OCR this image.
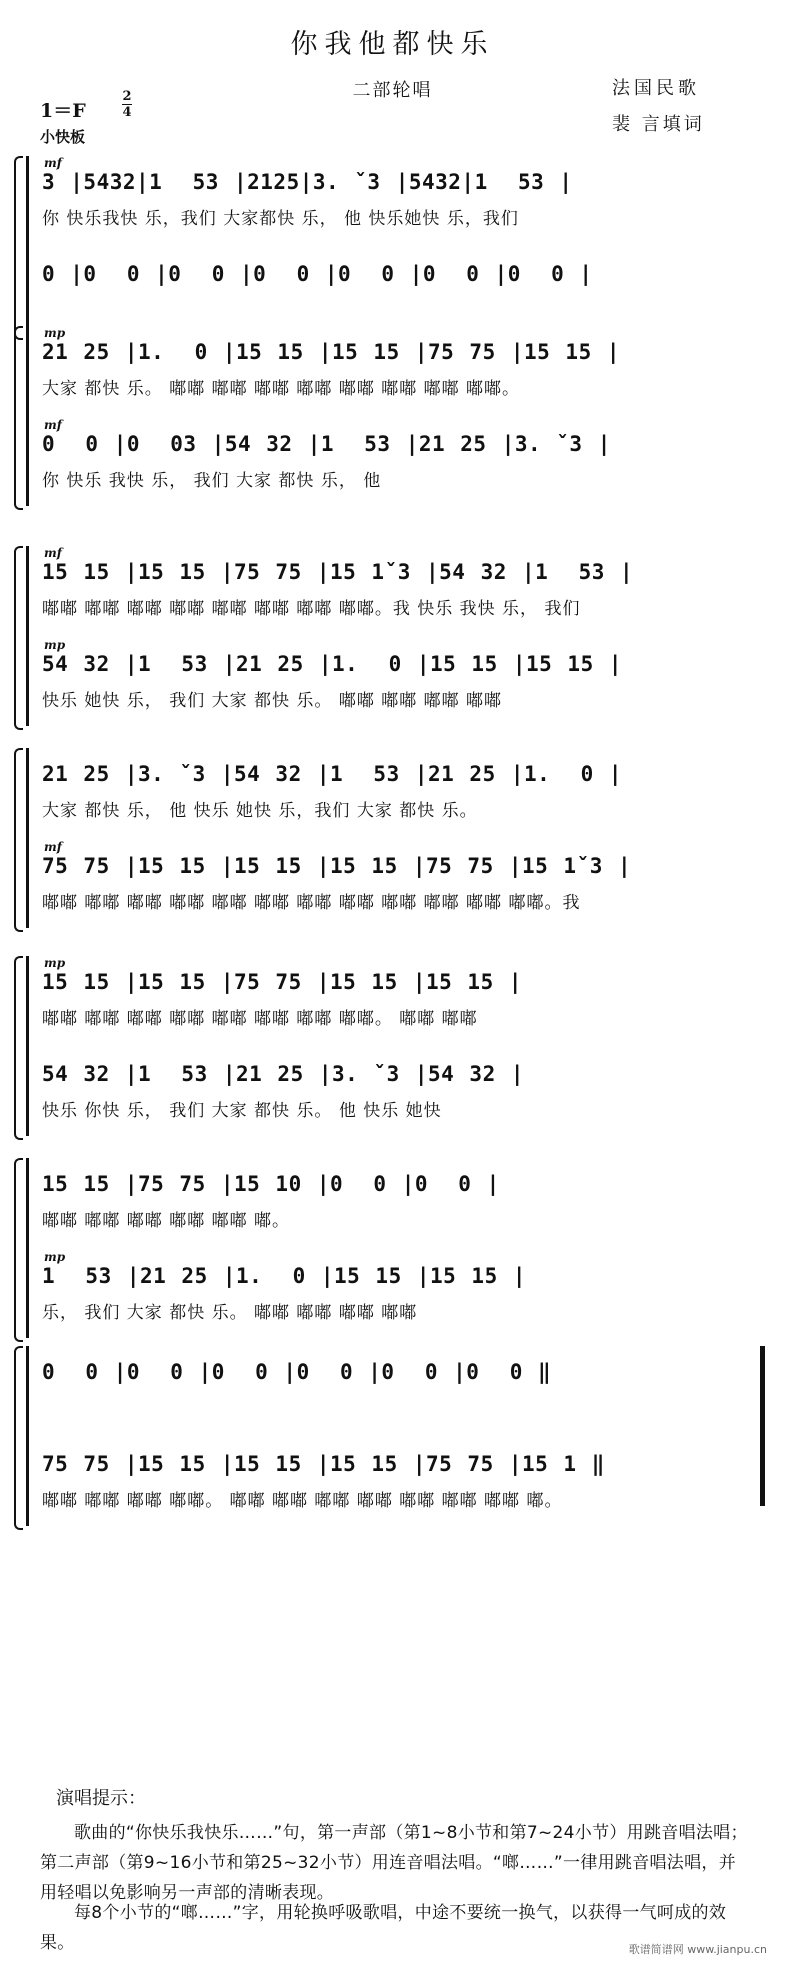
你我他都快乐
二部轮唱	法国民歌
裴 言填词
1＝F
2
4
小快板
mf
3 |5432|1  53 |2125|3. ˇ3 |5432|1  53 |
你 快乐我快 乐，我们 大家都快 乐， 他 快乐她快 乐，我们
0 |0  0 |0  0 |0  0 |0  0 |0  0 |0  0 |
mp
21 25 |1.  0 |15 15 |15 15 |75 75 |15 15 |
大家 都快 乐。 嘟嘟 嘟嘟 嘟嘟 嘟嘟 嘟嘟 嘟嘟 嘟嘟 嘟嘟。
mf
0  0 |0  03 |54 32 |1  53 |21 25 |3. ˇ3 |
你 快乐 我快 乐， 我们 大家 都快 乐， 他
mf
15 15 |15 15 |75 75 |15 1ˇ3 |54 32 |1  53 |
嘟嘟 嘟嘟 嘟嘟 嘟嘟 嘟嘟 嘟嘟 嘟嘟 嘟嘟。我 快乐 我快 乐， 我们
mp
54 32 |1  53 |21 25 |1.  0 |15 15 |15 15 |
快乐 她快 乐， 我们 大家 都快 乐。 嘟嘟 嘟嘟 嘟嘟 嘟嘟
21 25 |3. ˇ3 |54 32 |1  53 |21 25 |1.  0 |
大家 都快 乐， 他 快乐 她快 乐，我们 大家 都快 乐。
mf
75 75 |15 15 |15 15 |15 15 |75 75 |15 1ˇ3 |
嘟嘟 嘟嘟 嘟嘟 嘟嘟 嘟嘟 嘟嘟 嘟嘟 嘟嘟 嘟嘟 嘟嘟 嘟嘟 嘟嘟。我
mp
15 15 |15 15 |75 75 |15 15 |15 15 |
嘟嘟 嘟嘟 嘟嘟 嘟嘟 嘟嘟 嘟嘟 嘟嘟 嘟嘟。 嘟嘟 嘟嘟
54 32 |1  53 |21 25 |3. ˇ3 |54 32 |
快乐 你快 乐， 我们 大家 都快 乐。 他 快乐 她快
15 15 |75 75 |15 10 |0  0 |0  0 |
嘟嘟 嘟嘟 嘟嘟 嘟嘟 嘟嘟 嘟。
mp
1  53 |21 25 |1.  0 |15 15 |15 15 |
乐， 我们 大家 都快 乐。 嘟嘟 嘟嘟 嘟嘟 嘟嘟
0  0 |0  0 |0  0 |0  0 |0  0 |0  0 ‖
75 75 |15 15 |15 15 |15 15 |75 75 |15 1 ‖
嘟嘟 嘟嘟 嘟嘟 嘟嘟。 嘟嘟 嘟嘟 嘟嘟 嘟嘟 嘟嘟 嘟嘟 嘟嘟 嘟。
演唱提示：
歌曲的“你快乐我快乐……”句，第一声部（第1~8小节和第7~24小节）用跳音唱法唱；第二声部（第9~16小节和第25~32小节）用连音唱法唱。“啷……”一律用跳音唱法唱，并用轻唱以免影响另一声部的清晰表现。
每8个小节的“啷……”字，用轮换呼吸歌唱，中途不要统一换气，以获得一气呵成的效果。	歌谱简谱网 www.jianpu.cn
